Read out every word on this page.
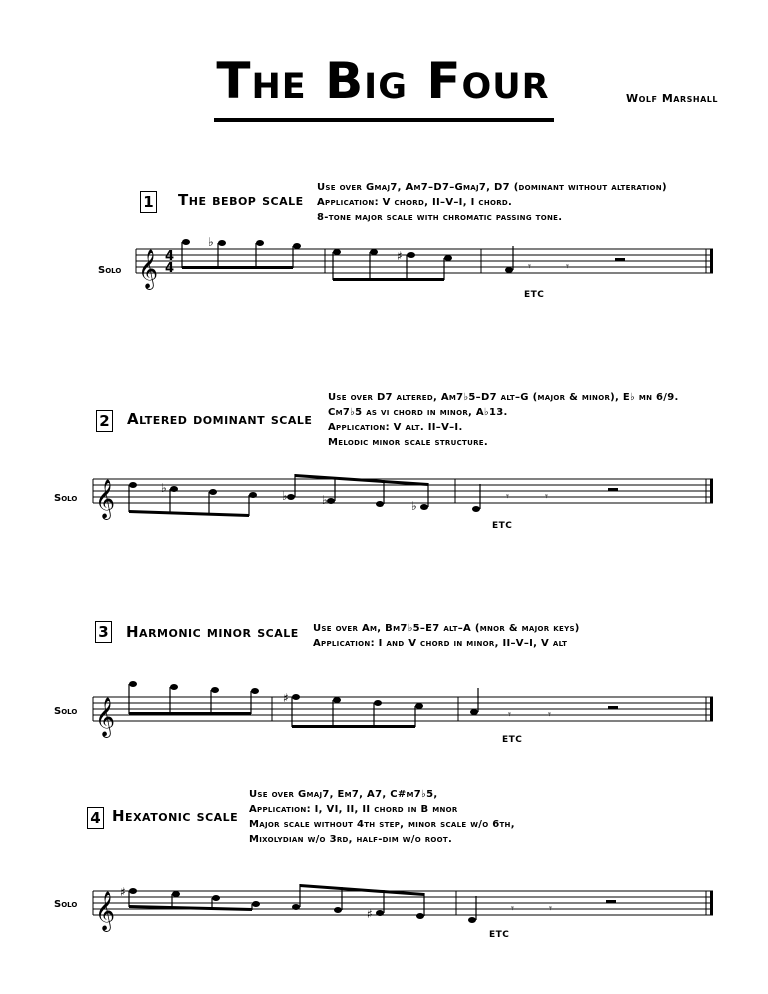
The Big Four	Wolf Marshall
1 The bebop scale
Use over Gmaj7, Am7–D7–Gmaj7, D7 (dominant without alteration)
Application: V chord, II–V–I, I chord.
8-tone major scale with chromatic passing tone.
Solo
ETC
2 Altered dominant scale
Use over D7 altered, Am7♭5–D7 alt–G (major & minor), E♭ mn 6/9.
Cm7♭5 as vi chord in minor, A♭13.
Application: V alt. II–V–I.
Melodic minor scale structure.
Solo
ETC
3 Harmonic minor scale Use over Am, Bm7♭5–E7 alt–A (mnor & major keys)
Application: I and V chord in minor, II–V–I, V alt
Solo
ETC
4 Hexatonic scale
Use over Gmaj7, Em7, A7, C#m7♭5,
Application: I, VI, II, II chord in B mnor
Major scale without 4th step, minor scale w/o 6th,
Mixolydian w/o 3rd, half-dim w/o root.
Solo
ETC
𝄞 4
4
♭
♯
𝄾	𝄾
𝄞	♭
♭	♭	♭
𝄾	𝄾
𝄞	♯
𝄾	𝄾
𝄞 ♯
♯	𝄾	𝄾
